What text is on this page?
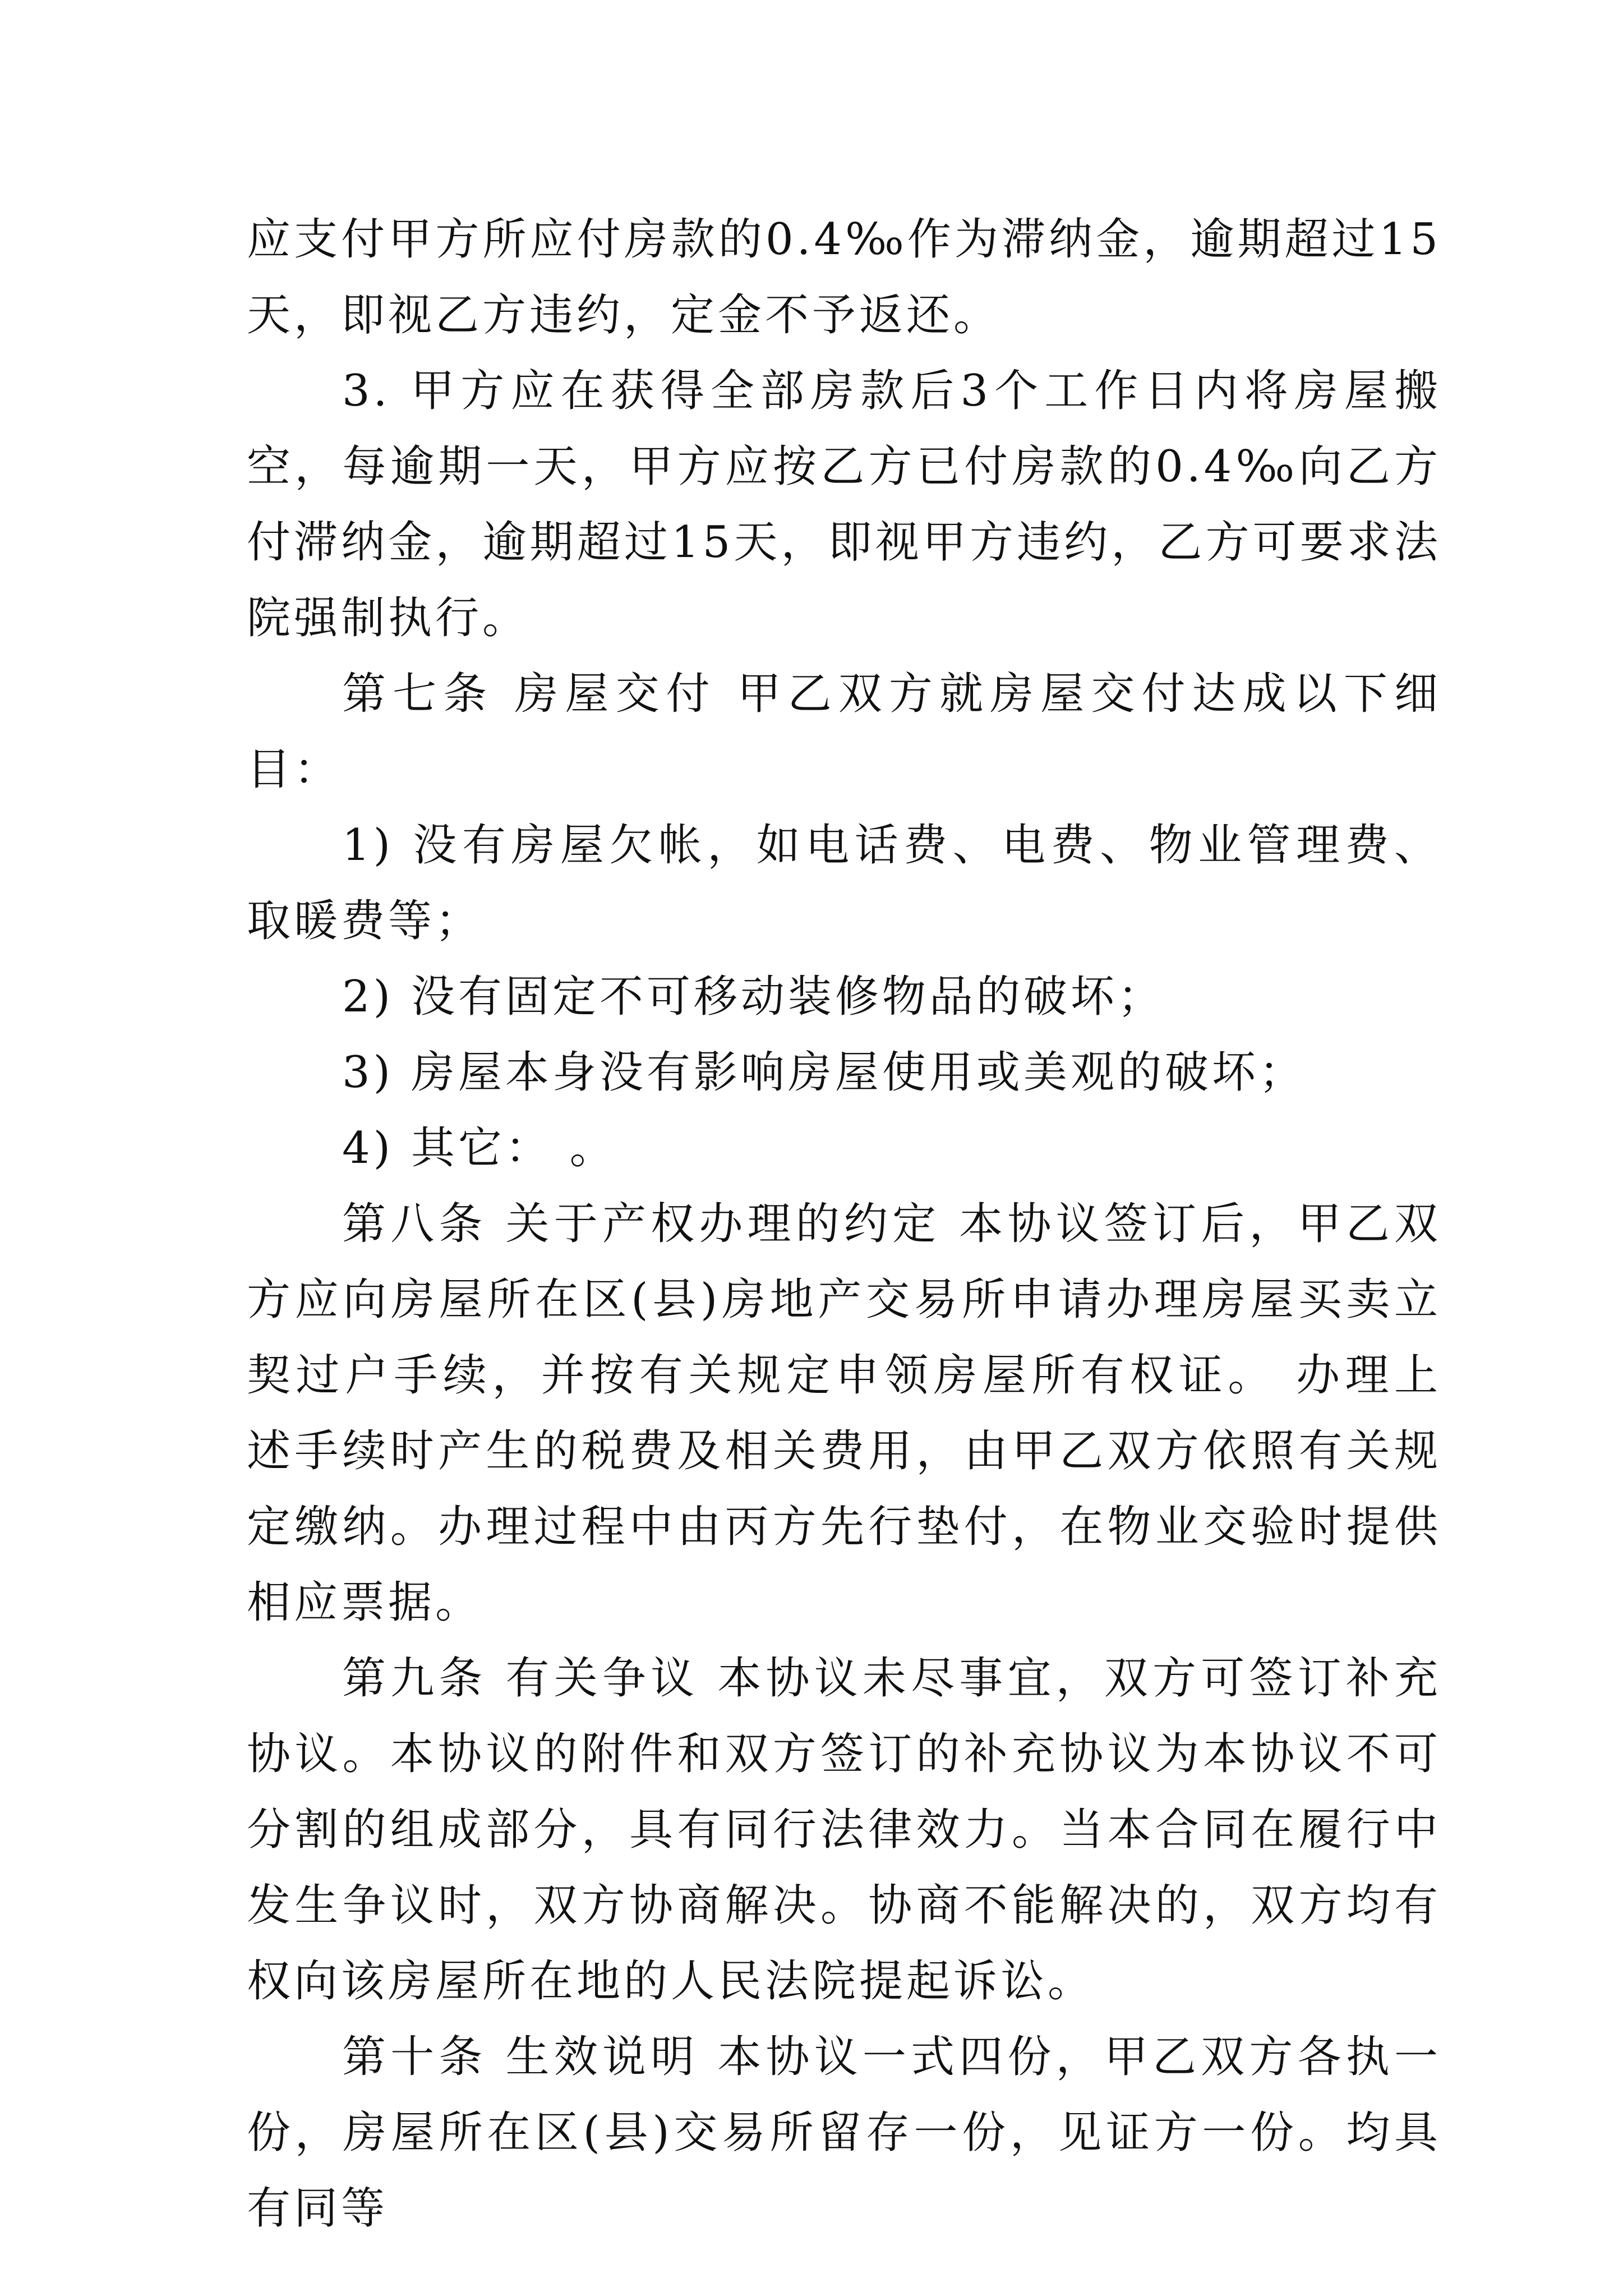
应支付甲方所应付房款的0.4‰作为滞纳金，逾期超过15天，即视乙方违约，定金不予返还。

3. 甲方应在获得全部房款后3个工作日内将房屋搬空，每逾期一天，甲方应按乙方已付房款的0.4‰向乙方付滞纳金，逾期超过15天，即视甲方违约，乙方可要求法院强制执行。

第七条 房屋交付 甲乙双方就房屋交付达成以下细目：

1) 没有房屋欠帐，如电话费、电费、物业管理费、取暖费等；

2) 没有固定不可移动装修物品的破坏；

3) 房屋本身没有影响房屋使用或美观的破坏；

4) 其它： 。

第八条 关于产权办理的约定 本协议签订后，甲乙双方应向房屋所在区(县)房地产交易所申请办理房屋买卖立契过户手续，并按有关规定申领房屋所有权证。 办理上述手续时产生的税费及相关费用，由甲乙双方依照有关规定缴纳。办理过程中由丙方先行垫付，在物业交验时提供相应票据。

第九条 有关争议 本协议未尽事宜，双方可签订补充协议。本协议的附件和双方签订的补充协议为本协议不可分割的组成部分，具有同行法律效力。当本合同在履行中发生争议时，双方协商解决。协商不能解决的，双方均有权向该房屋所在地的人民法院提起诉讼。

第十条 生效说明 本协议一式四份，甲乙双方各执一份，房屋所在区(县)交易所留存一份，见证方一份。均具有同等
